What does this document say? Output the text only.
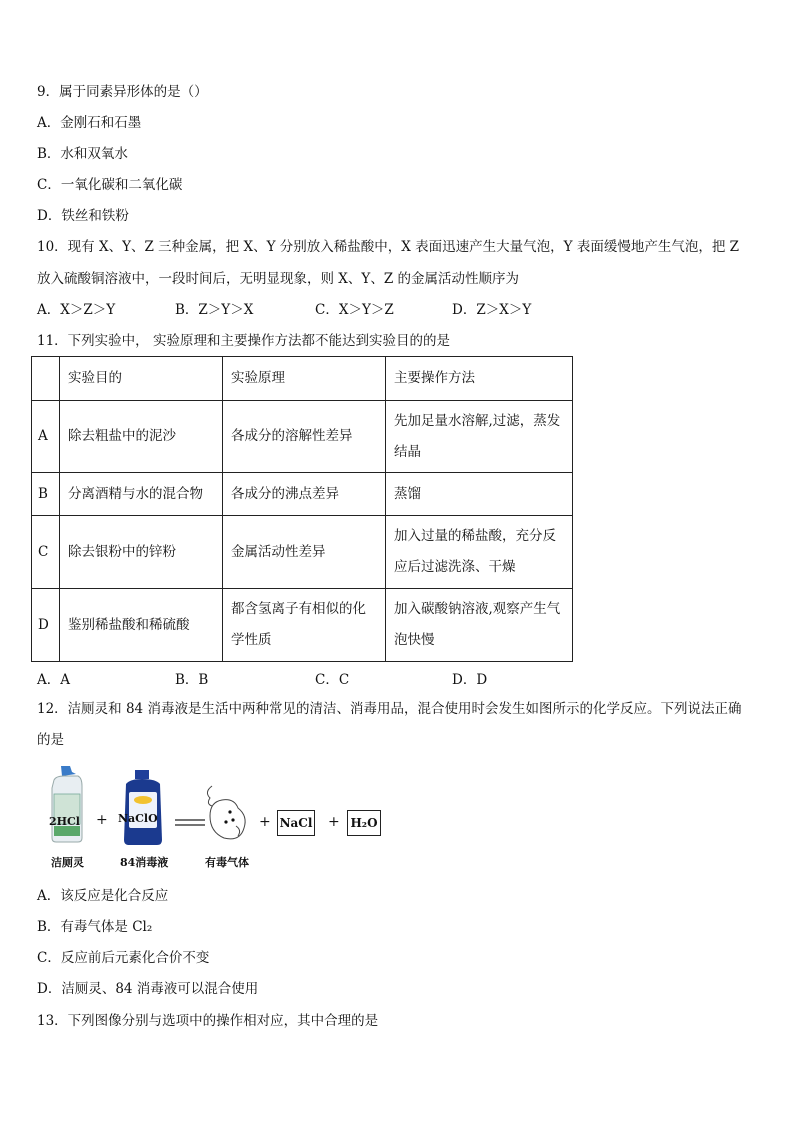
9．属于同素异形体的是（）
A．金刚石和石墨
B．水和双氧水
C．一氧化碳和二氧化碳
D．铁丝和铁粉
10．现有 X、Y、Z 三种金属，把 X、Y 分别放入稀盐酸中，X 表面迅速产生大量气泡，Y 表面缓慢地产生气泡，把 Z
放入硫酸铜溶液中，一段时间后，无明显现象，则 X、Y、Z 的金属活动性顺序为
A．X＞Z＞Y	B．Z＞Y＞X	C．X＞Y＞Z	D．Z＞X＞Y
11．下列实验中， 实验原理和主要操作方法都不能达到实验目的的是
	实验目的	实验原理	主要操作方法
A	除去粗盐中的泥沙	各成分的溶解性差异	先加足量水溶解,过滤，蒸发结晶
B	分离酒精与水的混合物	各成分的沸点差异	蒸馏
C	除去银粉中的锌粉	金属活动性差异	加入过量的稀盐酸，充分反应后过滤洗涤、干燥
D	鉴别稀盐酸和稀硫酸	都含氢离子有相似的化学性质	加入碳酸钠溶液,观察产生气泡快慢
A．A	B．B	C．C	D．D
12．洁厕灵和 84 消毒液是生活中两种常见的清洁、消毒用品，混合使用时会发生如图所示的化学反应。下列说法正确
的是
2HCl
洁厕灵
+ NaClO
84消毒液	有毒气体
+ NaCl + H₂O
A．该反应是化合反应
B．有毒气体是 Cl₂
C．反应前后元素化合价不变
D．洁厕灵、84 消毒液可以混合使用
13．下列图像分别与选项中的操作相对应，其中合理的是
